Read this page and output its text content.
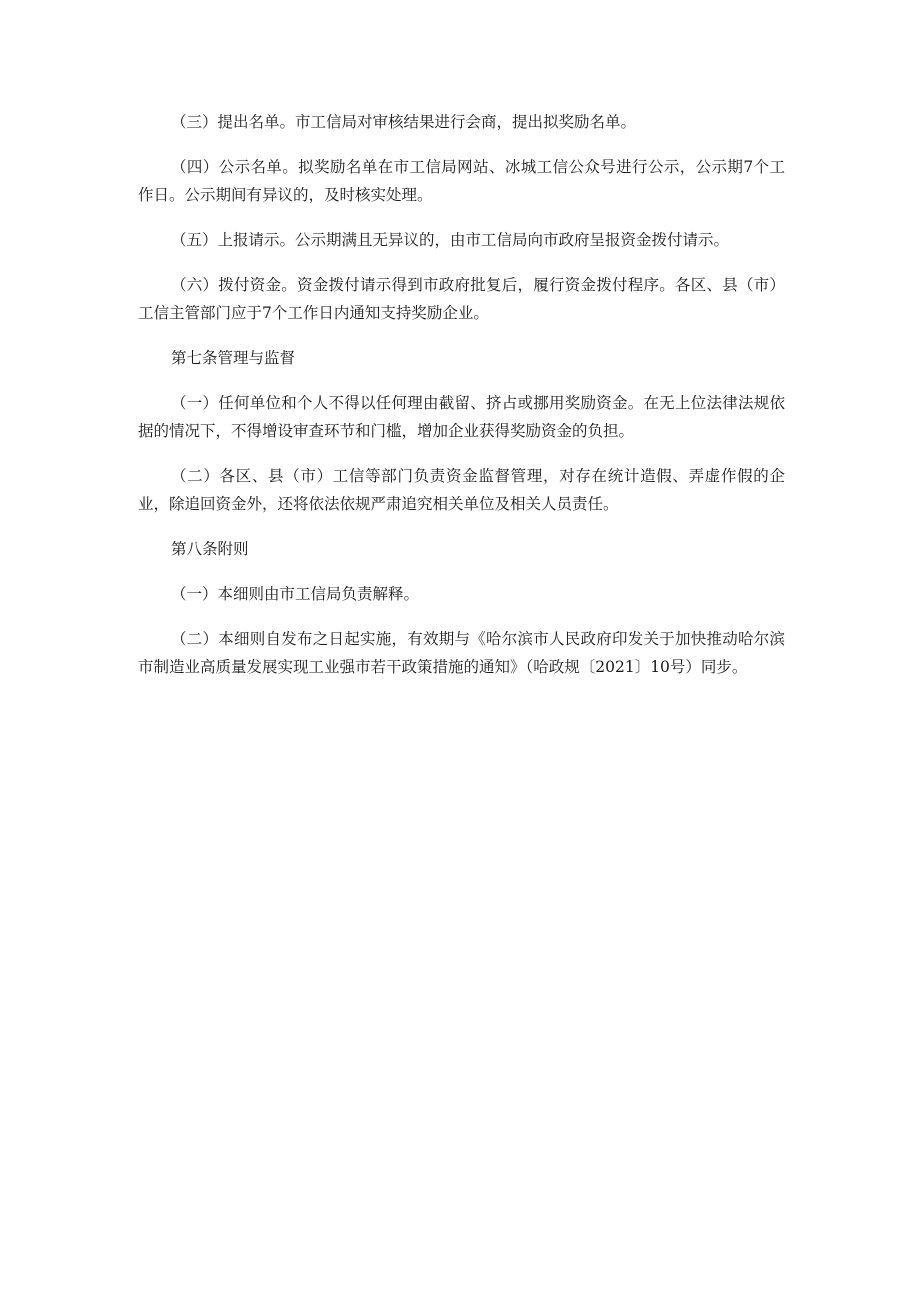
（三）提出名单。市工信局对审核结果进行会商，提出拟奖励名单。

（四）公示名单。拟奖励名单在市工信局网站、冰城工信公众号进行公示，公示期7个工作日。公示期间有异议的，及时核实处理。

（五）上报请示。公示期满且无异议的，由市工信局向市政府呈报资金拨付请示。

（六）拨付资金。资金拨付请示得到市政府批复后，履行资金拨付程序。各区、县（市）工信主管部门应于7个工作日内通知支持奖励企业。

第七条管理与监督

（一）任何单位和个人不得以任何理由截留、挤占或挪用奖励资金。在无上位法律法规依据的情况下，不得增设审查环节和门槛，增加企业获得奖励资金的负担。

（二）各区、县（市）工信等部门负责资金监督管理，对存在统计造假、弄虚作假的企业，除追回资金外，还将依法依规严肃追究相关单位及相关人员责任。

第八条附则

（一）本细则由市工信局负责解释。

（二）本细则自发布之日起实施，有效期与《哈尔滨市人民政府印发关于加快推动哈尔滨市制造业高质量发展实现工业强市若干政策措施的通知》（哈政规〔2021〕10号）同步。
